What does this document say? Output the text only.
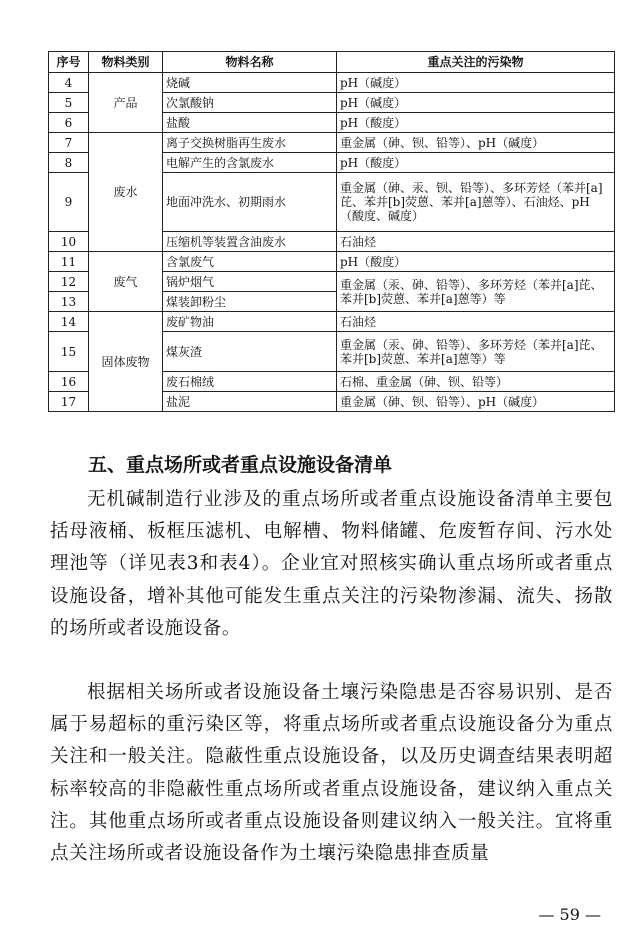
序号	物料类别	物料名称	重点关注的污染物
4	产品	烧碱	pH（碱度）
5		次氯酸钠	pH（碱度）
6		盐酸	pH（酸度）
7	废水	离子交换树脂再生废水	重金属（砷、钡、铅等）、pH（碱度）
8		电解产生的含氯废水	pH（酸度）
9		地面冲洗水、初期雨水	重金属（砷、汞、钡、铅等）、多环芳烃（苯并[a]芘、苯并[b]荧蒽、苯并[a]蒽等）、石油烃、pH（酸度、碱度）
10		压缩机等装置含油废水	石油烃
11	废气	含氯废气	pH（酸度）
12		锅炉烟气	重金属（汞、砷、铅等）、多环芳烃（苯并[a]芘、苯并[b]荧蒽、苯并[a]蒽等）等
13		煤装卸粉尘	
14	固体废物	废矿物油	石油烃
15		煤灰渣	重金属（汞、砷、铅等）、多环芳烃（苯并[a]芘、苯并[b]荧蒽、苯并[a]蒽等）等
16		废石棉绒	石棉、重金属（砷、钡、铅等）
17		盐泥	重金属（砷、钡、铅等）、pH（碱度）
五、重点场所或者重点设施设备清单

无机碱制造行业涉及的重点场所或者重点设施设备清单主要包括母液桶、板框压滤机、电解槽、物料储罐、危废暂存间、污水处理池等（详见表3和表4）。企业宜对照核实确认重点场所或者重点设施设备，增补其他可能发生重点关注的污染物渗漏、流失、扬散的场所或者设施设备。

根据相关场所或者设施设备土壤污染隐患是否容易识别、是否属于易超标的重污染区等，将重点场所或者重点设施设备分为重点关注和一般关注。隐蔽性重点设施设备，以及历史调查结果表明超标率较高的非隐蔽性重点场所或者重点设施设备，建议纳入重点关注。其他重点场所或者重点设施设备则建议纳入一般关注。宜将重点关注场所或者设施设备作为土壤污染隐患排查质量

— 59 —
